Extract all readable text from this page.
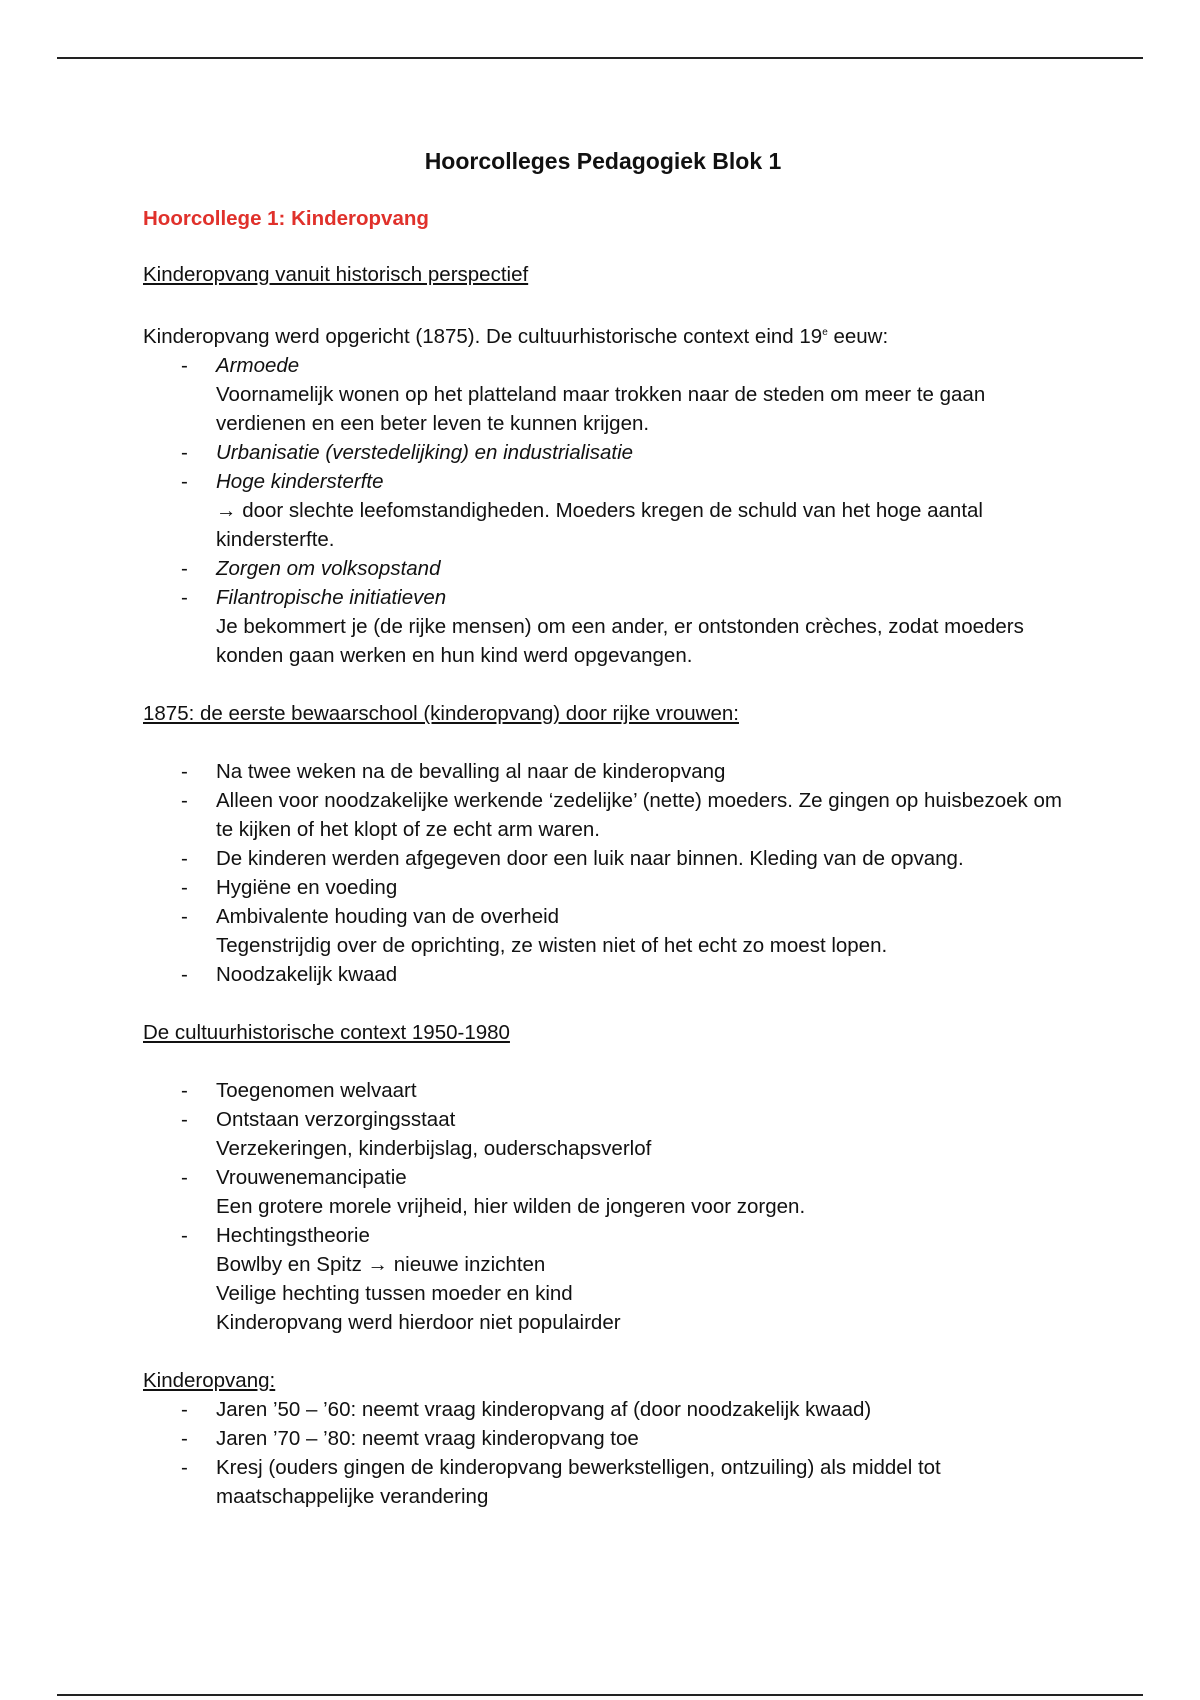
Hoorcolleges Pedagogiek Blok 1
Hoorcollege 1: Kinderopvang
Kinderopvang vanuit historisch perspectief

Kinderopvang werd opgericht (1875). De cultuurhistorische context eind 19e eeuw:

- Armoede
Voornamelijk wonen op het platteland maar trokken naar de steden om meer te gaan verdienen en een beter leven te kunnen krijgen.
- Urbanisatie (verstedelijking) en industrialisatie
- Hoge kindersterfte
→ door slechte leefomstandigheden. Moeders kregen de schuld van het hoge aantal kindersterfte.
- Zorgen om volksopstand
- Filantropische initiatieven
Je bekommert je (de rijke mensen) om een ander, er ontstonden crèches, zodat moeders konden gaan werken en hun kind werd opgevangen.
1875: de eerste bewaarschool (kinderopvang) door rijke vrouwen:
- Na twee weken na de bevalling al naar de kinderopvang
- Alleen voor noodzakelijke werkende ‘zedelijke’ (nette) moeders. Ze gingen op huisbezoek om te kijken of het klopt of ze echt arm waren.
- De kinderen werden afgegeven door een luik naar binnen. Kleding van de opvang.
- Hygiëne en voeding
- Ambivalente houding van de overheid
Tegenstrijdig over de oprichting, ze wisten niet of het echt zo moest lopen.
- Noodzakelijk kwaad
De cultuurhistorische context 1950-1980
- Toegenomen welvaart
- Ontstaan verzorgingsstaat
Verzekeringen, kinderbijslag, ouderschapsverlof
- Vrouwenemancipatie
Een grotere morele vrijheid, hier wilden de jongeren voor zorgen.
- Hechtingstheorie
Bowlby en Spitz → nieuwe inzichten
Veilige hechting tussen moeder en kind
Kinderopvang werd hierdoor niet populairder
Kinderopvang:
- Jaren ’50 – ’60: neemt vraag kinderopvang af (door noodzakelijk kwaad)
- Jaren ’70 – ’80: neemt vraag kinderopvang toe
- Kresj (ouders gingen de kinderopvang bewerkstelligen, ontzuiling) als middel tot maatschappelijke verandering
